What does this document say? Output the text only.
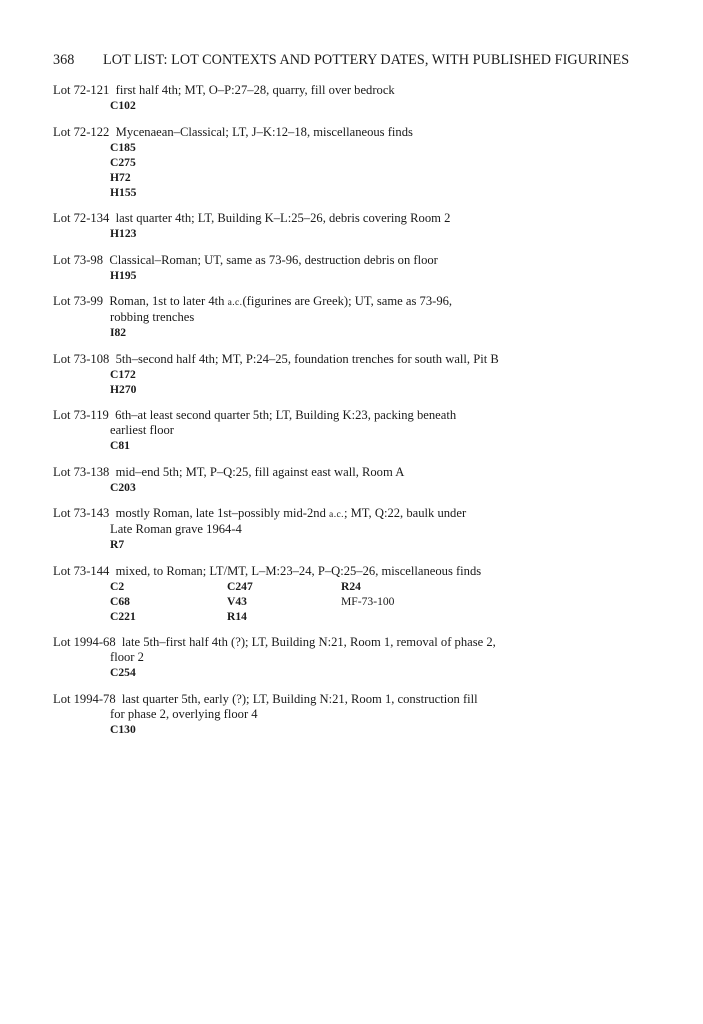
368 LOT LIST: LOT CONTEXTS AND POTTERY DATES, WITH PUBLISHED FIGURINES
Lot 72-121 first half 4th; MT, O–P:27–28, quarry, fill over bedrock
C102
Lot 72-122 Mycenaean–Classical; LT, J–K:12–18, miscellaneous finds
C185
C275
H72
H155
Lot 72-134 last quarter 4th; LT, Building K–L:25–26, debris covering Room 2
H123
Lot 73-98 Classical–Roman; UT, same as 73-96, destruction debris on floor
H195
Lot 73-99 Roman, 1st to later 4th a.c.(figurines are Greek); UT, same as 73-96,
robbing trenches
I82
Lot 73-108 5th–second half 4th; MT, P:24–25, foundation trenches for south wall, Pit B
C172
H270
Lot 73-119 6th–at least second quarter 5th; LT, Building K:23, packing beneath
earliest floor
C81
Lot 73-138 mid–end 5th; MT, P–Q:25, fill against east wall, Room A
C203
Lot 73-143 mostly Roman, late 1st–possibly mid-2nd a.c.; MT, Q:22, baulk under
Late Roman grave 1964-4
R7
Lot 73-144 mixed, to Roman; LT/MT, L–M:23–24, P–Q:25–26, miscellaneous finds
C2	C247	R24
C68	V43	MF-73-100
C221	R14
Lot 1994-68 late 5th–first half 4th (?); LT, Building N:21, Room 1, removal of phase 2,
floor 2
C254
Lot 1994-78 last quarter 5th, early (?); LT, Building N:21, Room 1, construction fill
for phase 2, overlying floor 4
C130
